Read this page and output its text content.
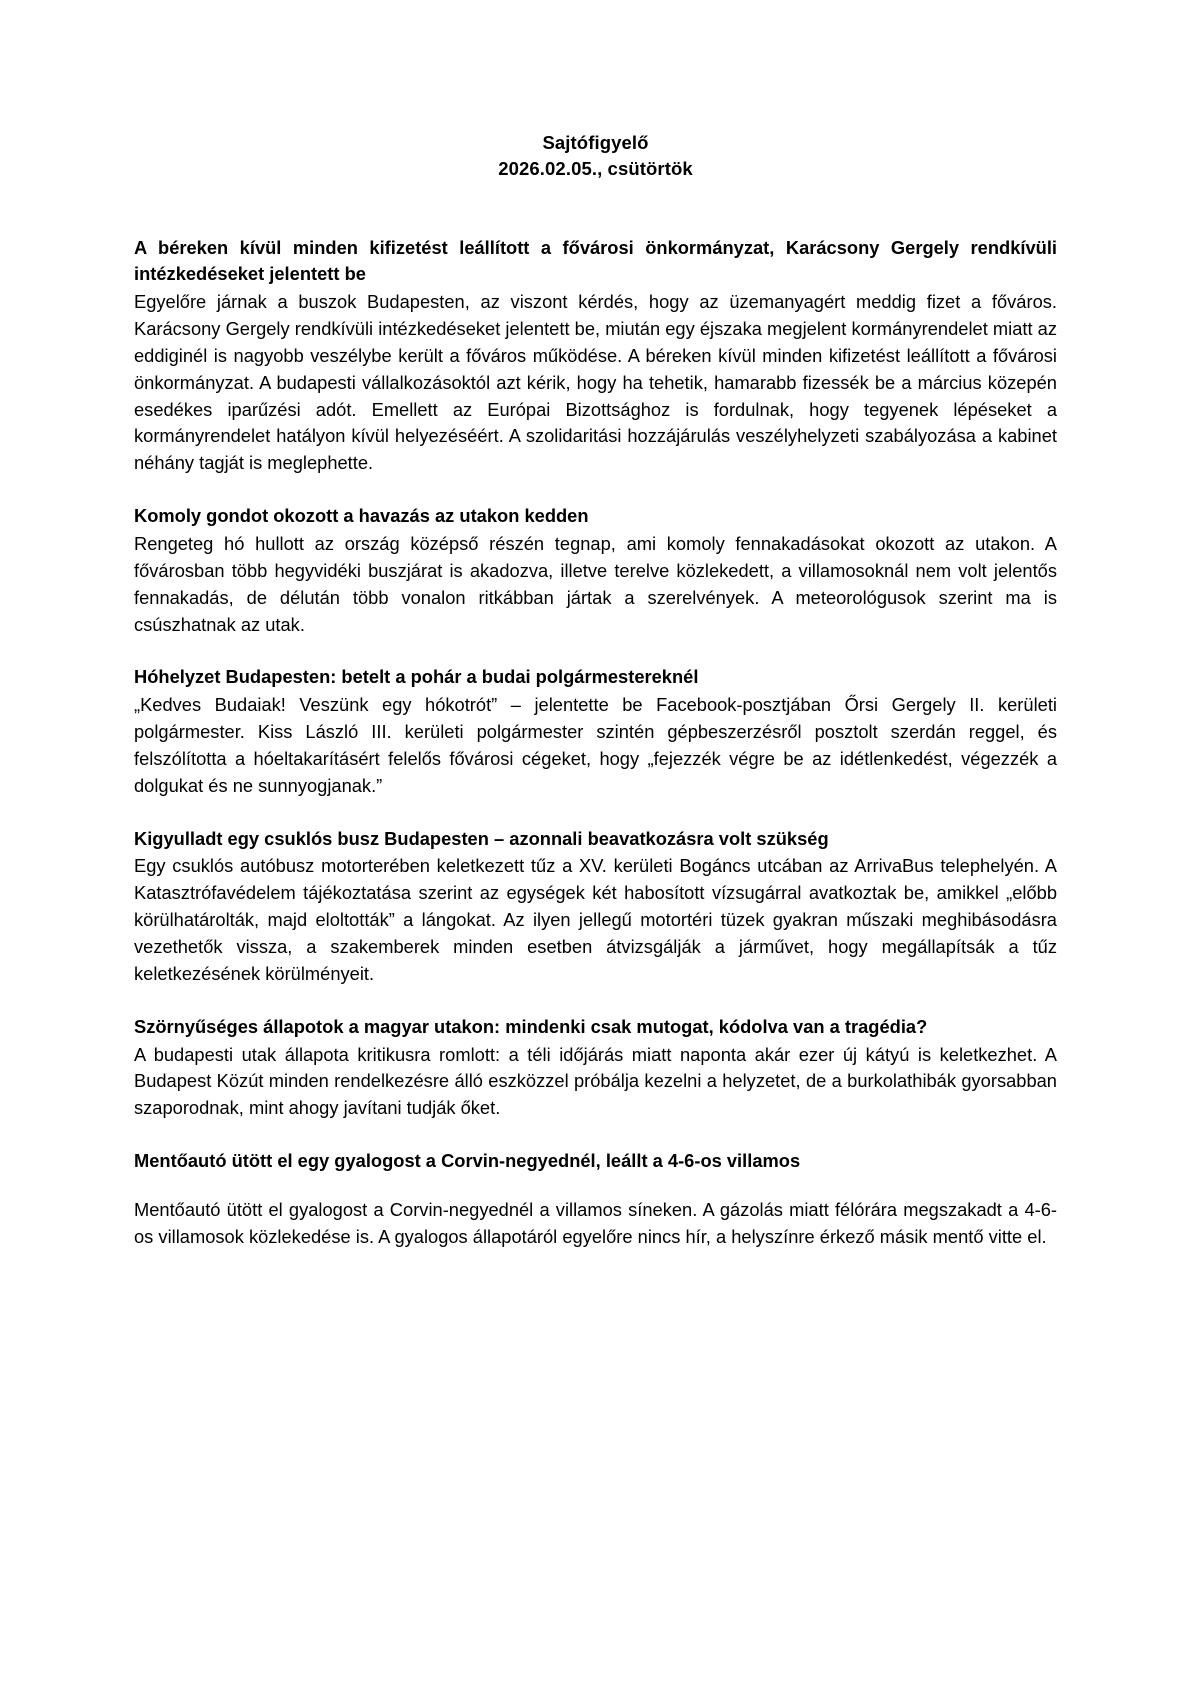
Sajtófigyelő
2026.02.05., csütörtök
A béreken kívül minden kifizetést leállított a fővárosi önkormányzat, Karácsony Gergely rendkívüli intézkedéseket jelentett be
Egyelőre járnak a buszok Budapesten, az viszont kérdés, hogy az üzemanyagért meddig fizet a főváros. Karácsony Gergely rendkívüli intézkedéseket jelentett be, miután egy éjszaka megjelent kormányrendelet miatt az eddiginél is nagyobb veszélybe került a főváros működése. A béreken kívül minden kifizetést leállított a fővárosi önkormányzat. A budapesti vállalkozásoktól azt kérik, hogy ha tehetik, hamarabb fizessék be a március közepén esedékes iparűzési adót. Emellett az Európai Bizottsághoz is fordulnak, hogy tegyenek lépéseket a kormányrendelet hatályon kívül helyezéséért. A szolidaritási hozzájárulás veszélyhelyzeti szabályozása a kabinet néhány tagját is meglephette.
Komoly gondot okozott a havazás az utakon kedden
Rengeteg hó hullott az ország középső részén tegnap, ami komoly fennakadásokat okozott az utakon. A fővárosban több hegyvidéki buszjárat is akadozva, illetve terelve közlekedett, a villamosoknál nem volt jelentős fennakadás, de délután több vonalon ritkábban jártak a szerelvények. A meteorológusok szerint ma is csúszhatnak az utak.
Hóhelyzet Budapesten: betelt a pohár a budai polgármestereknél
„Kedves Budaiak! Veszünk egy hókotrót” – jelentette be Facebook-posztjában Őrsi Gergely II. kerületi polgármester. Kiss László III. kerületi polgármester szintén gépbeszerzésről posztolt szerdán reggel, és felszólította a hóeltakarításért felelős fővárosi cégeket, hogy „fejezzék végre be az idétlenkedést, végezzék a dolgukat és ne sunnyogjanak.”
Kigyulladt egy csuklós busz Budapesten – azonnali beavatkozásra volt szükség
Egy csuklós autóbusz motorterében keletkezett tűz a XV. kerületi Bogáncs utcában az ArrivaBus telephelyén. A Katasztrófavédelem tájékoztatása szerint az egységek két habosított vízsugárral avatkoztak be, amikkel „előbb körülhatárolták, majd eloltották” a lángokat. Az ilyen jellegű motortéri tüzek gyakran műszaki meghibásodásra vezethetők vissza, a szakemberek minden esetben átvizsgálják a járművet, hogy megállapítsák a tűz keletkezésének körülményeit.
Szörnyűséges állapotok a magyar utakon: mindenki csak mutogat, kódolva van a tragédia?
A budapesti utak állapota kritikusra romlott: a téli időjárás miatt naponta akár ezer új kátyú is keletkezhet. A Budapest Közút minden rendelkezésre álló eszközzel próbálja kezelni a helyzetet, de a burkolathibák gyorsabban szaporodnak, mint ahogy javítani tudják őket.
Mentőautó ütött el egy gyalogost a Corvin-negyednél, leállt a 4-6-os villamos
Mentőautó ütött el gyalogost a Corvin-negyednél a villamos síneken. A gázolás miatt félórára megszakadt a 4-6-os villamosok közlekedése is. A gyalogos állapotáról egyelőre nincs hír, a helyszínre érkező másik mentő vitte el.
